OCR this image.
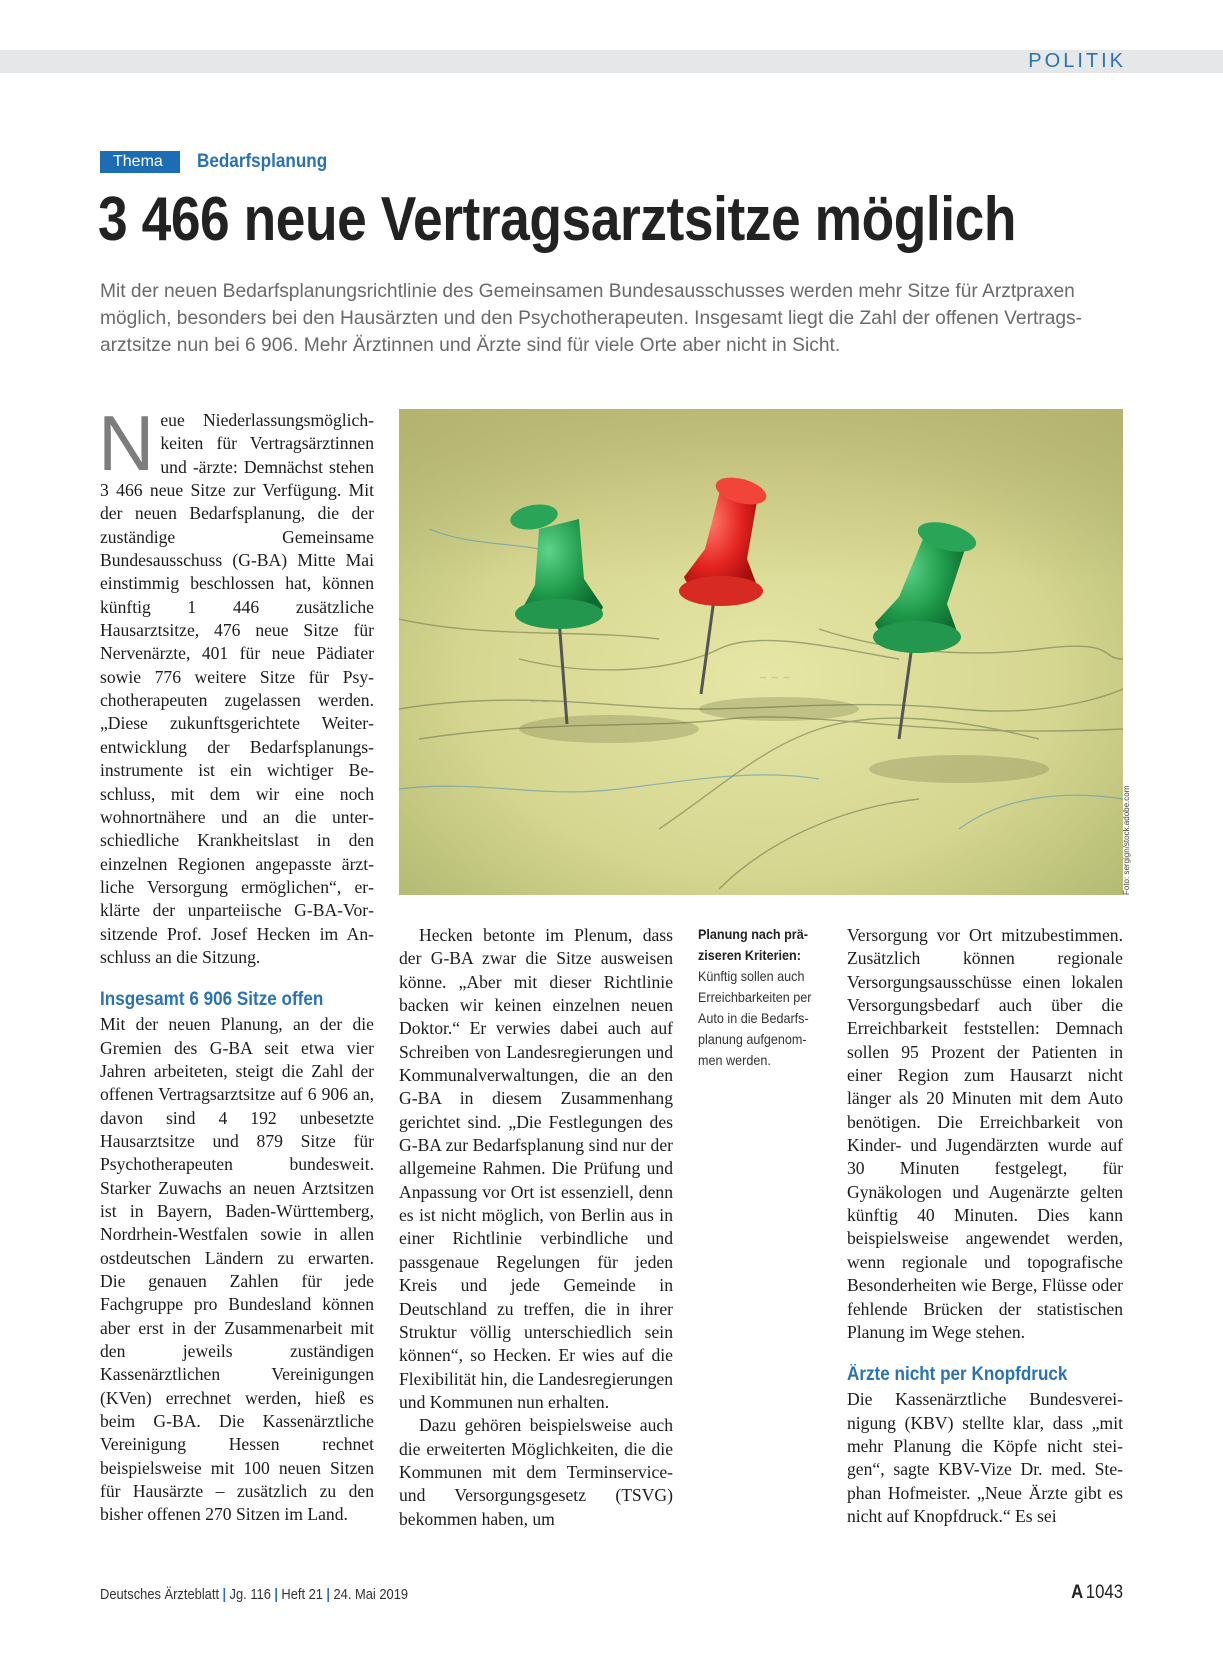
POLITIK
Thema	Bedarfsplanung
3 466 neue Vertragsarztsitze möglich

Mit der neuen Bedarfsplanungsrichtlinie des Gemeinsamen Bundesausschusses werden mehr Sitze für Arztpraxen möglich, besonders bei den Hausärzten und den Psychotherapeuten. Insgesamt liegt die Zahl der offenen Vertragsarztsitze nun bei 6 906. Mehr Ärztinnen und Ärzte sind für viele Orte aber nicht in Sicht.

Neue Niederlassungsmöglichkeiten für Vertragsärztinnen und -ärzte: Demnächst stehen 3 466 neue Sitze zur Verfügung. Mit der neuen Bedarfsplanung, die der zuständige Gemeinsame Bundesausschuss (G-BA) Mitte Mai einstimmig beschlossen hat, können künftig 1 446 zusätzliche Hausarztsitze, 476 neue Sitze für Nervenärzte, 401 für neue Pädiater sowie 776 weitere Sitze für Psychotherapeuten zugelassen werden. „Diese zukunftsgerichtete Weiterentwicklung der Bedarfsplanungsinstrumente ist ein wichtiger Beschluss, mit dem wir eine noch wohnortnähere und an die unterschiedliche Krankheitslast in den einzelnen Regionen angepasste ärztliche Versorgung ermöglichen“, erklärte der unparteiische G-BA-Vorsitzende Prof. Josef Hecken im Anschluss an die Sitzung.

Insgesamt 6 906 Sitze offen

Mit der neuen Planung, an der die Gremien des G-BA seit etwa vier Jahren arbeiteten, steigt die Zahl der offenen Vertragsarztsitze auf 6 906 an, davon sind 4 192 unbesetzte Hausarztsitze und 879 Sitze für Psychotherapeuten bundesweit. Starker Zuwachs an neuen Arztsitzen ist in Bayern, Baden-Württemberg, Nordrhein-Westfalen sowie in allen ostdeutschen Ländern zu erwarten. Die genauen Zahlen für jede Fachgruppe pro Bundesland können aber erst in der Zusammenarbeit mit den jeweils zuständigen Kassenärztlichen Vereinigungen (KVen) errechnet werden, hieß es beim G-BA. Die Kassenärztliche Vereinigung Hessen rechnet beispielsweise mit 100 neuen Sitzen für Hausärzte – zusätzlich zu den bisher offenen 270 Sitzen im Land.

~ ~ ~
~ ~
Foto: sergign/stock.adobe.com

Hecken betonte im Plenum, dass der G-BA zwar die Sitze ausweisen könne. „Aber mit dieser Richtlinie backen wir keinen einzelnen neuen Doktor.“ Er verwies dabei auch auf Schreiben von Landesregierungen und Kommunalverwaltungen, die an den G-BA in diesem Zusammenhang gerichtet sind. „Die Festlegungen des G-BA zur Bedarfsplanung sind nur der allgemeine Rahmen. Die Prüfung und Anpassung vor Ort ist essenziell, denn es ist nicht möglich, von Berlin aus in einer Richtlinie verbindliche und passgenaue Regelungen für jeden Kreis und jede Gemeinde in Deutschland zu treffen, die in ihrer Struktur völlig unterschiedlich sein können“, so Hecken. Er wies auf die Flexibilität hin, die Landesregierungen und Kommunen nun erhalten.

Dazu gehören beispielsweise auch die erweiterten Möglichkeiten, die die Kommunen mit dem Terminservice- und Versorgungsgesetz (TSVG) bekommen haben, um

Planung nach präziseren Kriterien: Künftig sollen auch Erreichbarkeiten per Auto in die Bedarfsplanung aufgenommen werden.

Versorgung vor Ort mitzubestimmen. Zusätzlich können regionale Versorgungsausschüsse einen lokalen Versorgungsbedarf auch über die Erreichbarkeit feststellen: Demnach sollen 95 Prozent der Patienten in einer Region zum Hausarzt nicht länger als 20 Minuten mit dem Auto benötigen. Die Erreichbarkeit von Kinder- und Jugendärzten wurde auf 30 Minuten festgelegt, für Gynäkologen und Augenärzte gelten künftig 40 Minuten. Dies kann beispielsweise angewendet werden, wenn regionale und topografische Besonderheiten wie Berge, Flüsse oder fehlende Brücken der statistischen Planung im Wege stehen.

Ärzte nicht per Knopfdruck

Die Kassenärztliche Bundesvereinigung (KBV) stellte klar, dass „mit mehr Planung die Köpfe nicht steigen“, sagte KBV-Vize Dr. med. Stephan Hofmeister. „Neue Ärzte gibt es nicht auf Knopfdruck.“ Es sei

Deutsches Ärzteblatt | Jg. 116 | Heft 21 | 24. Mai 2019	A 1043
